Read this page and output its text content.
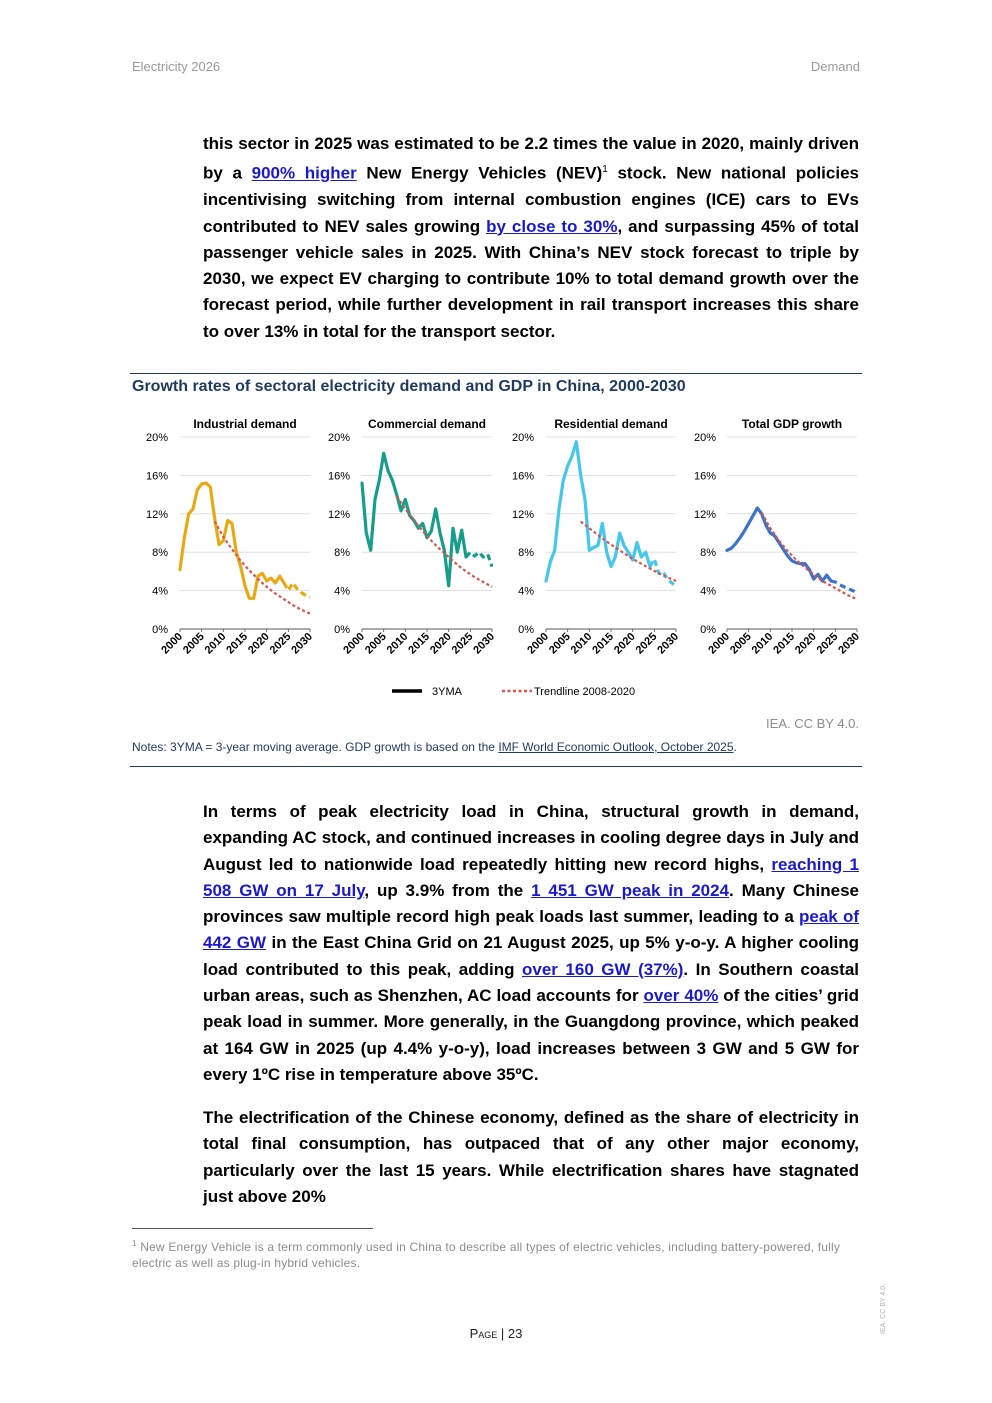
Electricity 2026	Demand
this sector in 2025 was estimated to be 2.2 times the value in 2020, mainly driven by a 900% higher New Energy Vehicles (NEV)$^1$ stock. New national policies incentivising switching from internal combustion engines (ICE) cars to EVs contributed to NEV sales growing by close to 30%, and surpassing 45% of total passenger vehicle sales in 2025. With China’s NEV stock forecast to triple by 2030, we expect EV charging to contribute 10% to total demand growth over the forecast period, while further development in rail transport increases this share to over 13% in total for the transport sector.
Growth rates of sectoral electricity demand and GDP in China, 2000-2030
Industrial demand
0%
4%
8%
12%
16%
20%
2000
2005
2010
2015
2020
2025
2030
Commercial demand
0%
4%
8%
12%
16%
20%
2000
2005
2010
2015
2020
2025
2030
Residential demand
0%
4%
8%
12%
16%
20%
2000
2005
2010
2015
2020
2025
2030
Total GDP growth
0%
4%
8%
12%
16%
20%
2000
2005
2010
2015
2020
2025
2030
3YMA	Trendline 2008-2020
IEA. CC BY 4.0.
Notes: 3YMA = 3-year moving average. GDP growth is based on the IMF World Economic Outlook, October 2025.
In terms of peak electricity load in China, structural growth in demand, expanding AC stock, and continued increases in cooling degree days in July and August led to nationwide load repeatedly hitting new record highs, reaching 1 508 GW on 17 July, up 3.9% from the 1 451 GW peak in 2024. Many Chinese provinces saw multiple record high peak loads last summer, leading to a peak of 442 GW in the East China Grid on 21 August 2025, up 5% y-o-y. A higher cooling load contributed to this peak, adding over 160 GW (37%). In Southern coastal urban areas, such as Shenzhen, AC load accounts for over 40% of the cities’ grid peak load in summer. More generally, in the Guangdong province, which peaked at 164 GW in 2025 (up 4.4% y-o-y), load increases between 3 GW and 5 GW for every 1ºC rise in temperature above 35ºC.
The electrification of the Chinese economy, defined as the share of electricity in total final consumption, has outpaced that of any other major economy, particularly over the last 15 years. While electrification shares have stagnated just above 20%
$^1$ New Energy Vehicle is a term commonly used in China to describe all types of electric vehicles, including battery-powered, fully electric as well as plug-in hybrid vehicles.
Page | 23	IEA. CC BY 4.0.
